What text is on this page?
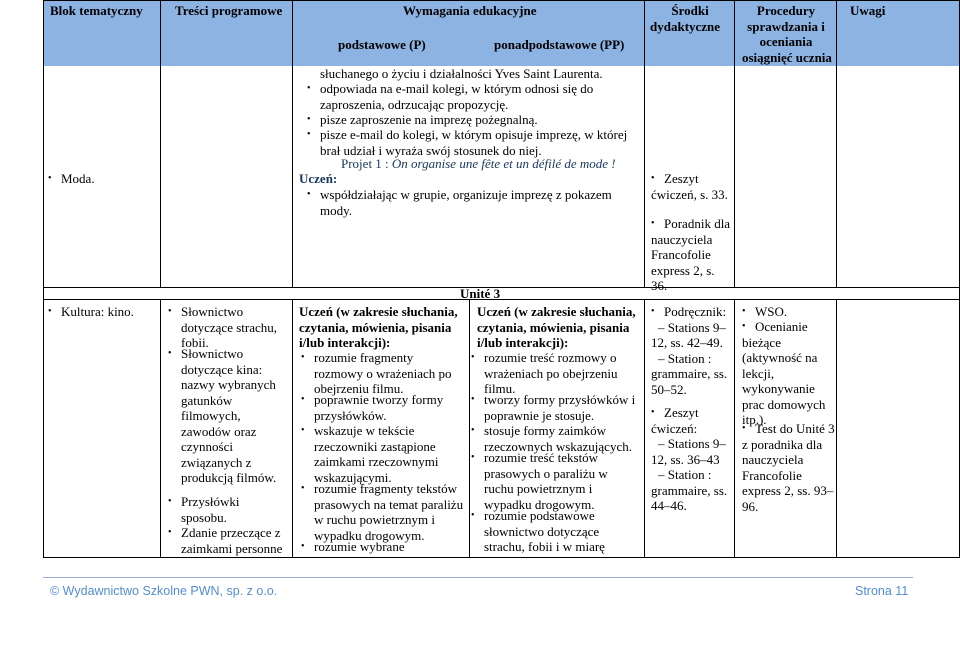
Blok tematyczny Treści programowe	Wymagania edukacyjne
podstawowe (P)	ponadpodstawowe (PP)
Środki
dydaktyczne
Procedury
sprawdzania i
oceniania
osiągnięć ucznia
Uwagi
słuchanego o życiu i działalności Yves Saint Laurenta.
• odpowiada na e-mail kolegi, w którym odnosi się do
zaproszenia, odrzucając propozycję.
• pisze zaproszenie na imprezę pożegnalną.
• pisze e-mail do kolegi, w którym opisuje imprezę, w której
brał udział i wyraża swój stosunek do niej.
Projet 1 : On organise une fête et un défilé de mode !
• Moda.	Uczeń:
• współdziałając w grupie, organizuje imprezę z pokazem
mody.
• Zeszyt
ćwiczeń, s. 33.
• Poradnik dla
nauczyciela
Francofolie
express 2, s.
36.
Unité 3
• Kultura: kino.
•	Słownictwo
dotyczące strachu,
fobii.
• Słownictwo
dotyczące kina:
nazwy wybranych
gatunków
filmowych,
zawodów oraz
czynności
związanych z
produkcją filmów.
• Przysłówki
sposobu.
• Zdanie przeczące z
zaimkami personne
Uczeń (w zakresie słuchania,
czytania, mówienia, pisania
i/lub interakcji):
• rozumie fragmenty
rozmowy o wrażeniach po
obejrzeniu filmu.
• poprawnie tworzy formy
przysłówków.
• wskazuje w tekście
rzeczowniki zastąpione
zaimkami rzeczownymi
wskazującymi.
• rozumie fragmenty tekstów
prasowych na temat paraliżu
w ruchu powietrznym i
wypadku drogowym.
• rozumie wybrane
Uczeń (w zakresie słuchania,
czytania, mówienia, pisania
i/lub interakcji):
• rozumie treść rozmowy o
wrażeniach po obejrzeniu
filmu.
• tworzy formy przysłówków i
poprawnie je stosuje.
• stosuje formy zaimków
rzeczownych wskazujących.
• rozumie treść tekstów
prasowych o paraliżu w
ruchu powietrznym i
wypadku drogowym.
• rozumie podstawowe
słownictwo dotyczące
strachu, fobii i w miarę
• Podręcznik:
– Stations 9–
12, ss. 42–49.
– Station :
grammaire, ss.
50–52.
• Zeszyt
ćwiczeń:
– Stations 9–
12, ss. 36–43
– Station :
grammaire, ss.
44–46.
• WSO.
• Ocenianie
bieżące
(aktywność na
lekcji,
wykonywanie
prac domowych
itp.).
• Test do Unité 3
z poradnika dla
nauczyciela
Francofolie
express 2, ss. 93–
96.
© Wydawnictwo Szkolne PWN, sp. z o.o.	Strona 11
